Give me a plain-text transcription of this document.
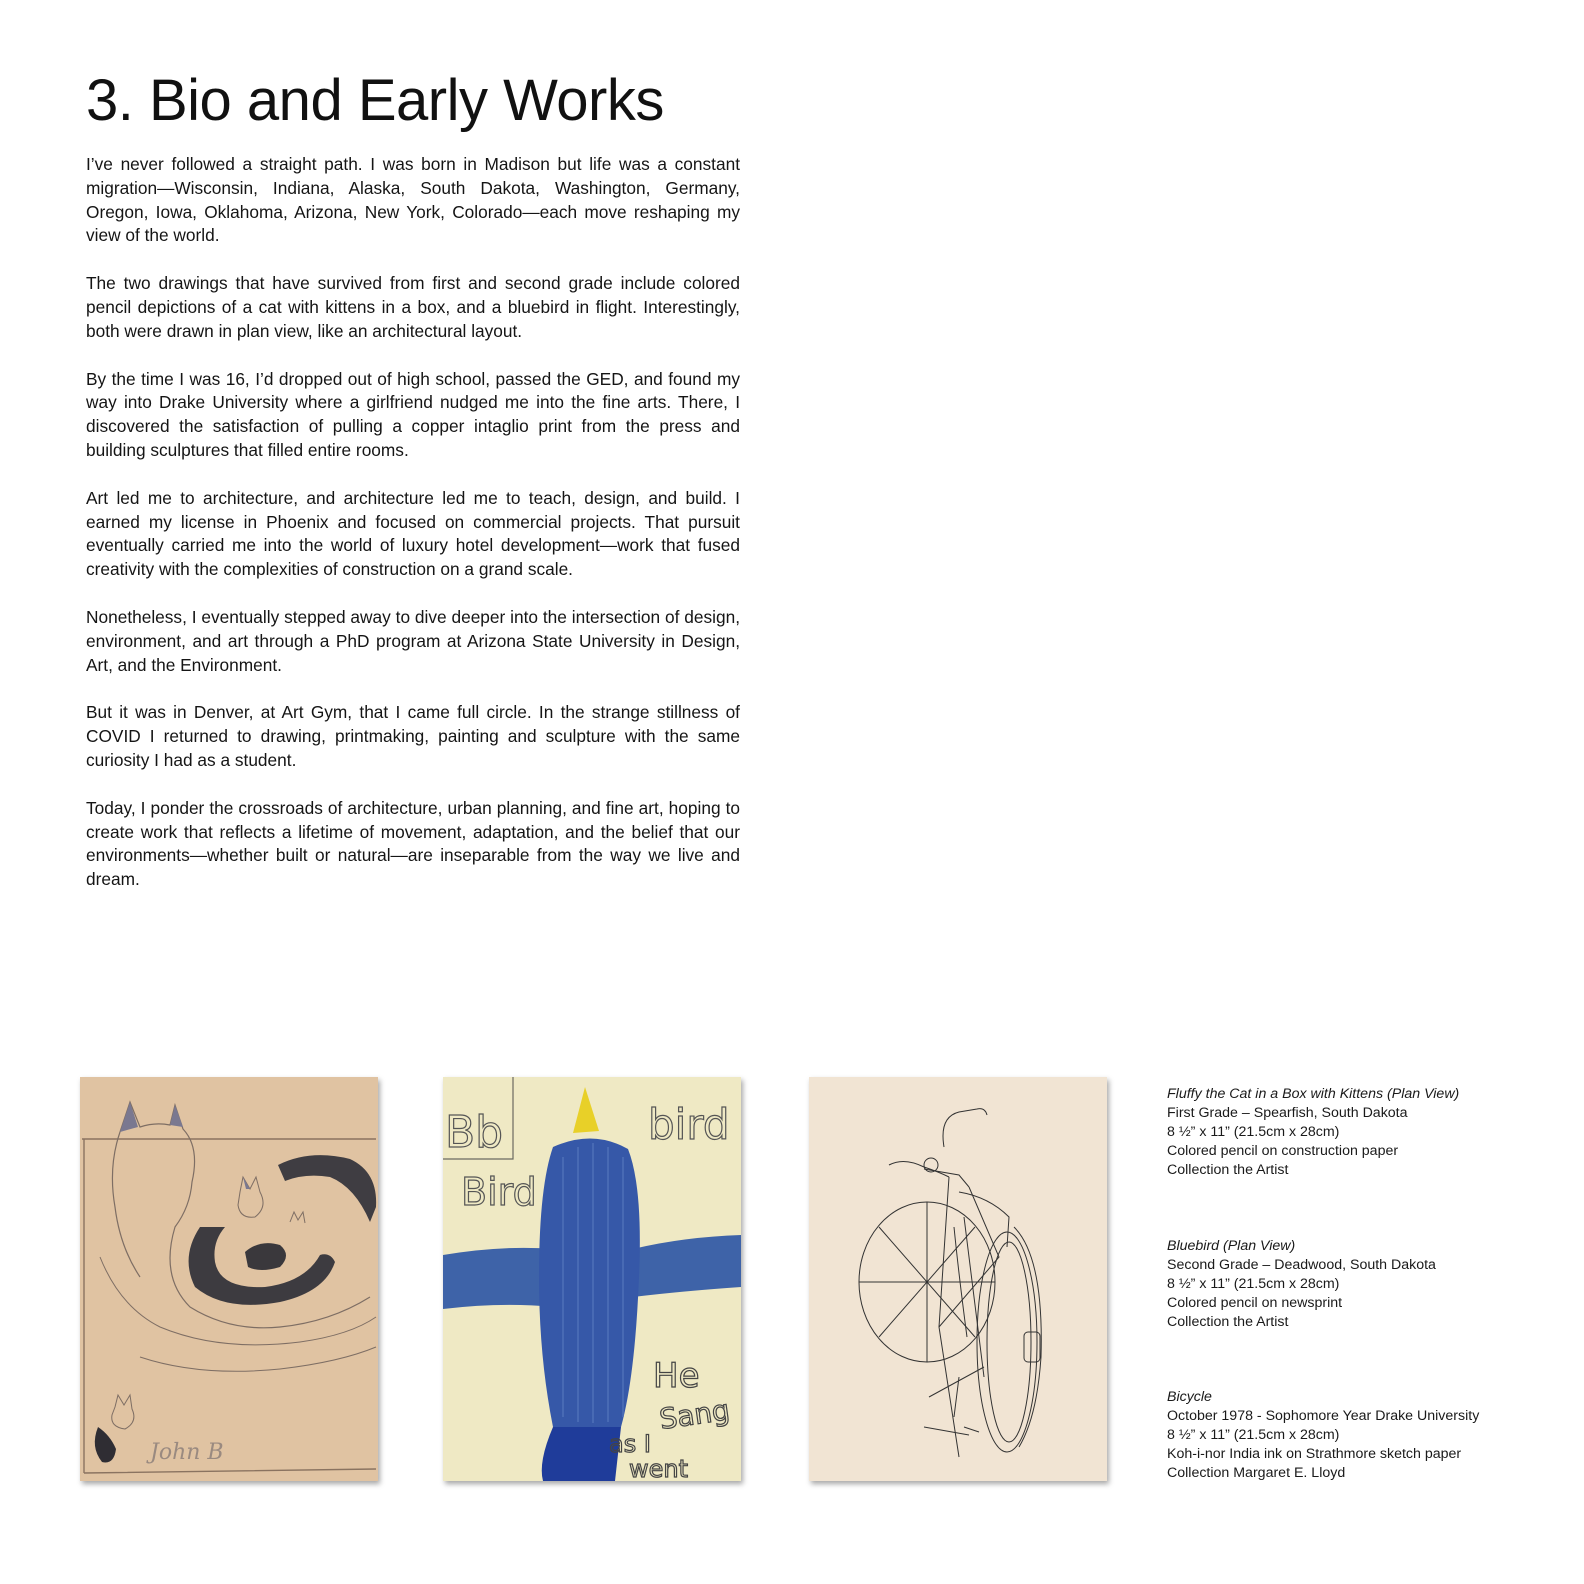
3. Bio and Early Works

I’ve never followed a straight path. I was born in Madison but life was a constant migration—Wisconsin, Indiana, Alaska, South Dakota, Washington, Germany, Oregon, Iowa, Oklahoma, Arizona, New York, Colorado—each move reshaping my view of the world.

The two drawings that have survived from first and second grade include colored pencil depictions of a cat with kittens in a box, and a bluebird in flight. Interestingly, both were drawn in plan view, like an architectural layout.

By the time I was 16, I’d dropped out of high school, passed the GED, and found my way into Drake University where a girlfriend nudged me into the fine arts. There, I discovered the satisfaction of pulling a copper intaglio print from the press and building sculptures that filled entire rooms.

Art led me to architecture, and architecture led me to teach, design, and build. I earned my license in Phoenix and focused on commercial projects. That pursuit eventually carried me into the world of luxury hotel development—work that fused creativity with the complexities of construction on a grand scale.

Nonetheless, I eventually stepped away to dive deeper into the intersection of design, environment, and art through a PhD program at Arizona State University in Design, Art, and the Environment.

But it was in Denver, at Art Gym, that I came full circle. In the strange stillness of COVID I returned to drawing, printmaking, painting and sculpture with the same curiosity I had as a student.

Today, I ponder the crossroads of architecture, urban planning, and fine art, hoping to create work that reflects a lifetime of movement, adaptation, and the belief that our environments—whether built or natural—are inseparable from the way we live and dream.

John B
Bb	bird
Bird
He
Sang
as I
went
Fluffy the Cat in a Box with Kittens (Plan View)
First Grade – Spearfish, South Dakota
8 ½” x 11” (21.5cm x 28cm)
Colored pencil on construction paper
Collection the Artist
Bluebird (Plan View)
Second Grade – Deadwood, South Dakota
8 ½” x 11” (21.5cm x 28cm)
Colored pencil on newsprint
Collection the Artist
Bicycle
October 1978 - Sophomore Year Drake University
8 ½” x 11” (21.5cm x 28cm)
Koh-i-nor India ink on Strathmore sketch paper
Collection Margaret E. Lloyd
